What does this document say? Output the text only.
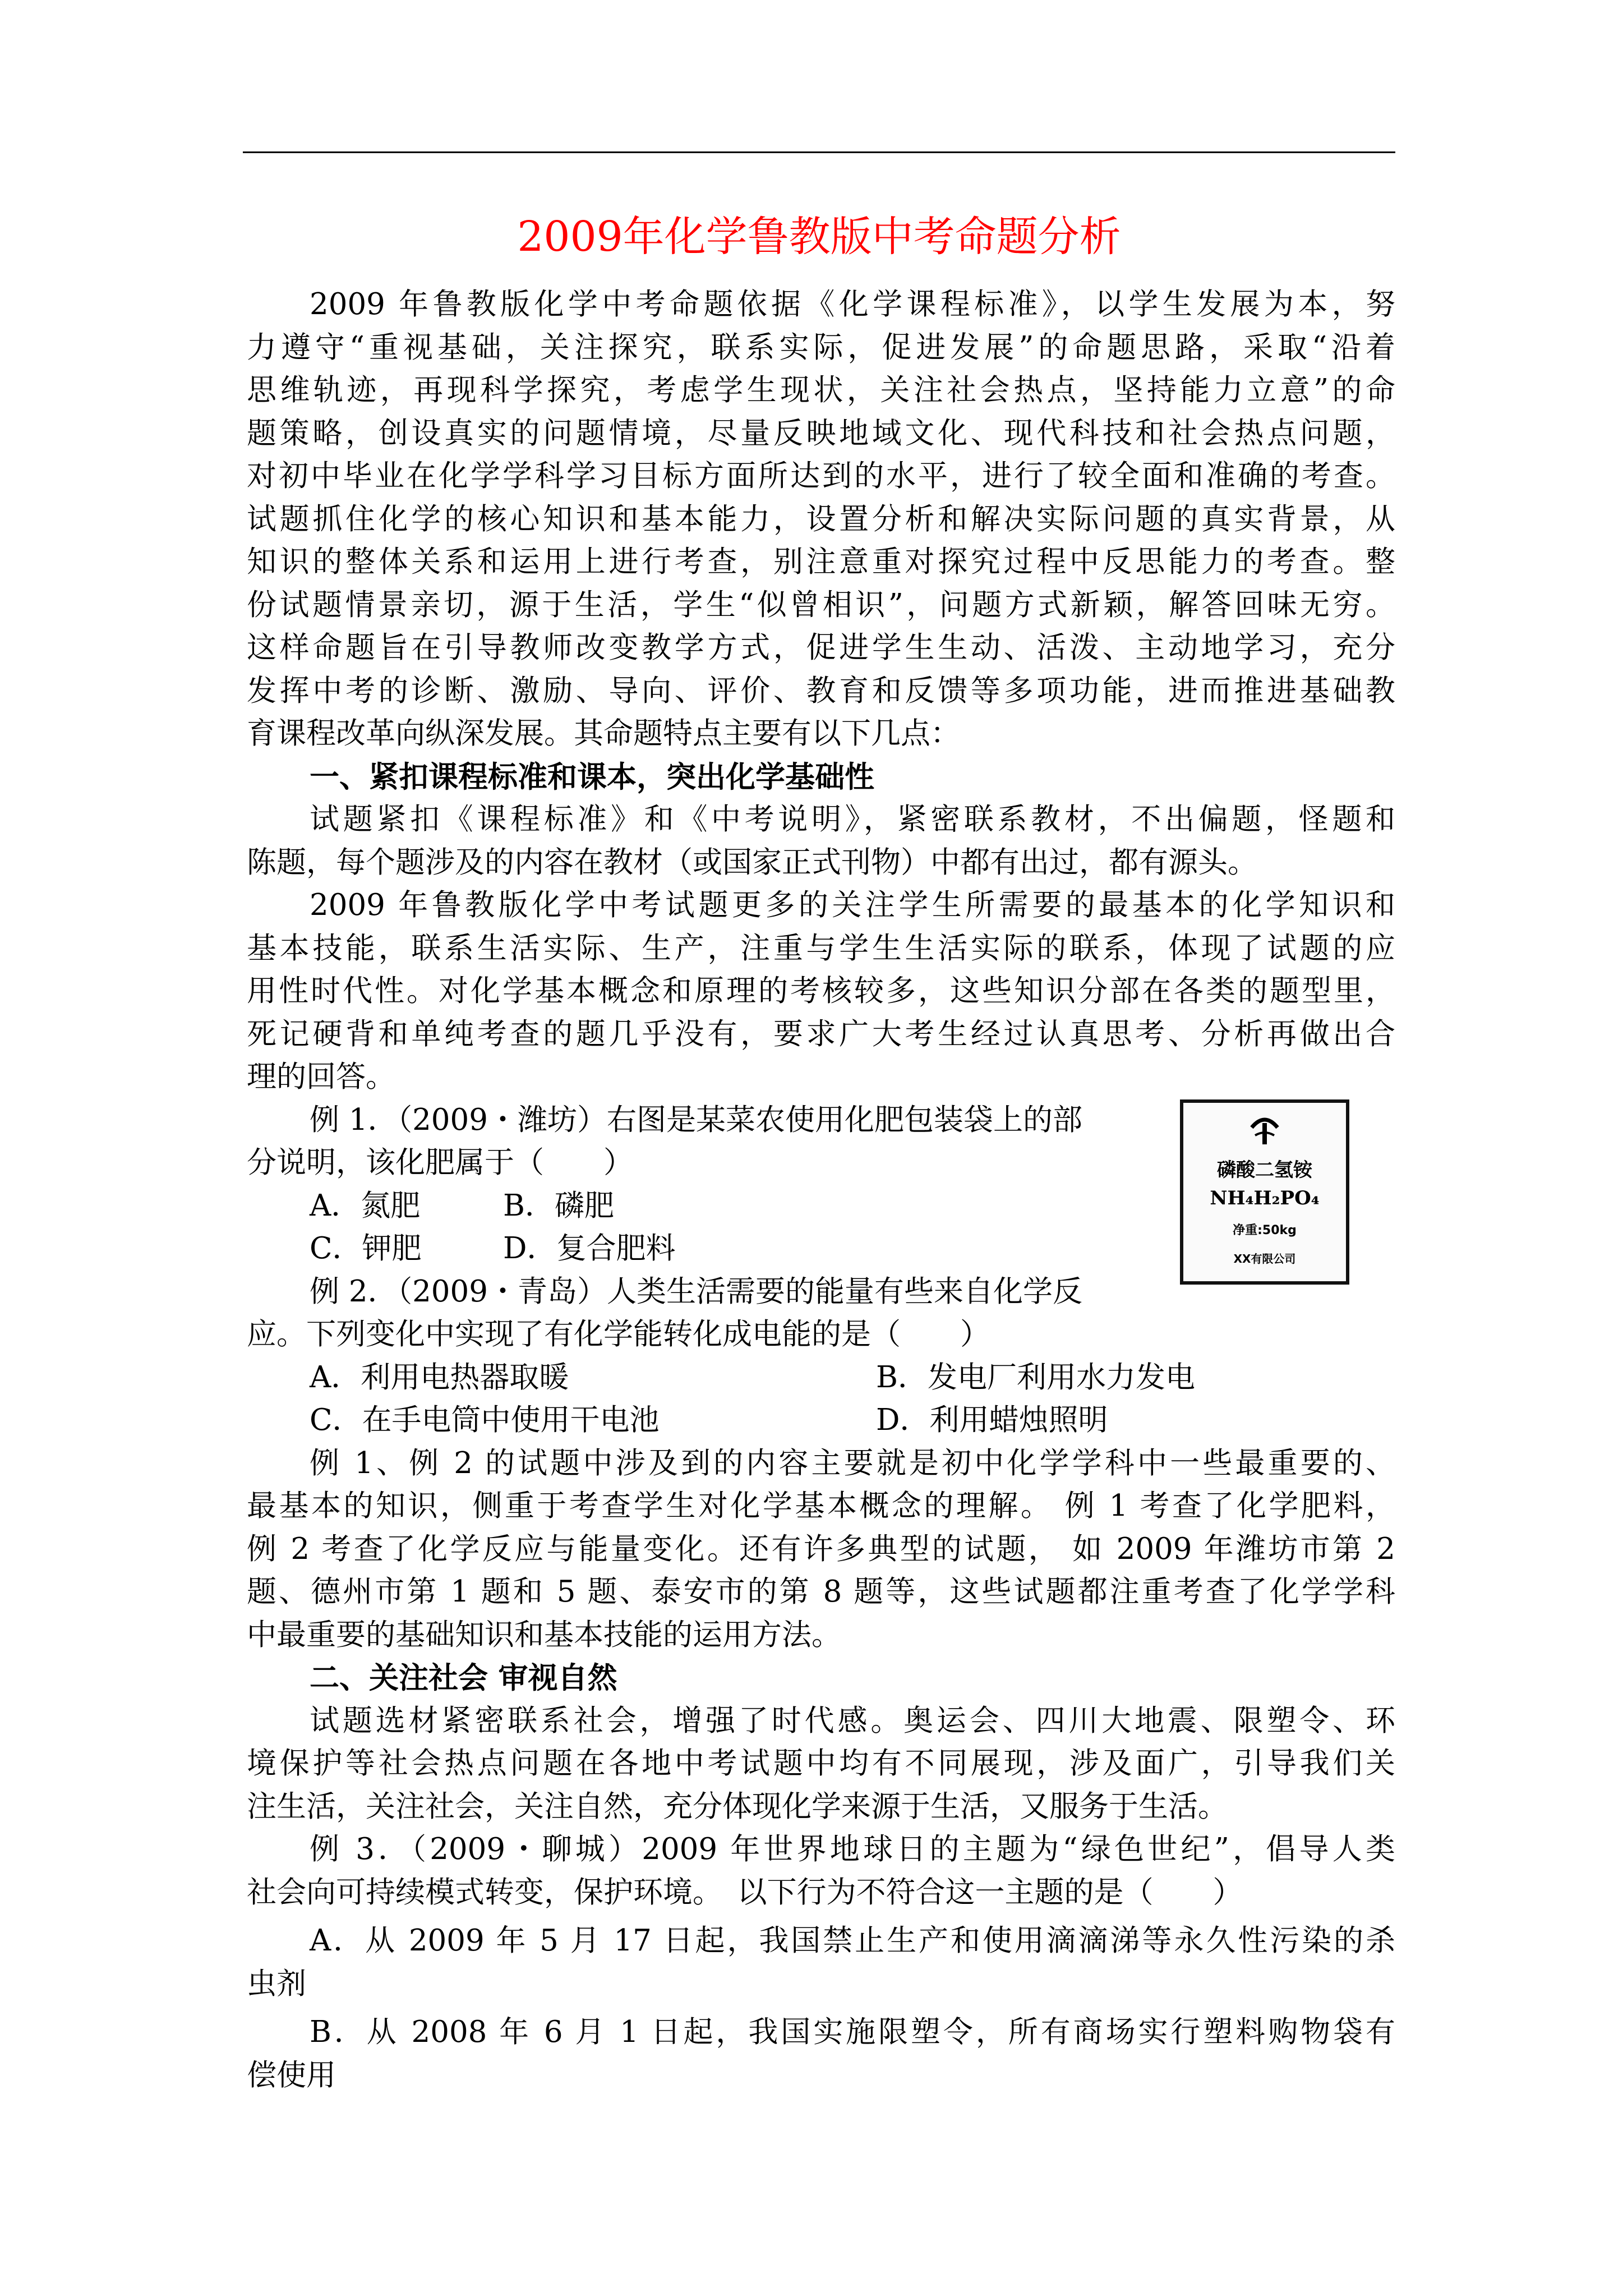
2009年化学鲁教版中考命题分析
2009 年鲁教版化学中考命题依据《化学课程标准》，以学生发展为本，努
力遵守“重视基础，关注探究，联系实际，促进发展”的命题思路，采取“沿着
思维轨迹，再现科学探究，考虑学生现状，关注社会热点，坚持能力立意”的命
题策略，创设真实的问题情境，尽量反映地域文化、现代科技和社会热点问题，
对初中毕业在化学学科学习目标方面所达到的水平，进行了较全面和准确的考查。
试题抓住化学的核心知识和基本能力，设置分析和解决实际问题的真实背景，从
知识的整体关系和运用上进行考查，别注意重对探究过程中反思能力的考查。整
份试题情景亲切，源于生活，学生“似曾相识”，问题方式新颖，解答回味无穷。
这样命题旨在引导教师改变教学方式，促进学生生动、活泼、主动地学习，充分
发挥中考的诊断、激励、导向、评价、教育和反馈等多项功能，进而推进基础教
育课程改革向纵深发展。其命题特点主要有以下几点：
一、紧扣课程标准和课本，突出化学基础性
试题紧扣《课程标准》和《中考说明》，紧密联系教材，不出偏题，怪题和
陈题，每个题涉及的内容在教材（或国家正式刊物）中都有出过，都有源头。
2009 年鲁教版化学中考试题更多的关注学生所需要的最基本的化学知识和
基本技能，联系生活实际、生产，注重与学生生活实际的联系，体现了试题的应
用性时代性。对化学基本概念和原理的考核较多，这些知识分部在各类的题型里，
死记硬背和单纯考查的题几乎没有，要求广大考生经过认真思考、分析再做出合
理的回答。
例 1．（2009・潍坊）右图是某菜农使用化肥包装袋上的部
分说明，该化肥属于（　　）
A．氮肥	B．磷肥
C．钾肥	D．复合肥料
例 2．（2009・青岛）人类生活需要的能量有些来自化学反
应。下列变化中实现了有化学能转化成电能的是（　　）
A．利用电热器取暖	B．发电厂利用水力发电
C．在手电筒中使用干电池	D．利用蜡烛照明
例 1、例 2 的试题中涉及到的内容主要就是初中化学学科中一些最重要的、
最基本的知识，侧重于考查学生对化学基本概念的理解。 例 1 考查了化学肥料，
例 2 考查了化学反应与能量变化。还有许多典型的试题， 如 2009 年潍坊市第 2
题、德州市第 1 题和 5 题、泰安市的第 8 题等，这些试题都注重考查了化学学科
中最重要的基础知识和基本技能的运用方法。
二、关注社会 审视自然
试题选材紧密联系社会，增强了时代感。奥运会、四川大地震、限塑令、环
境保护等社会热点问题在各地中考试题中均有不同展现，涉及面广，引导我们关
注生活，关注社会，关注自然，充分体现化学来源于生活，又服务于生活。
例 3．（2009・聊城）2009 年世界地球日的主题为“绿色世纪”，倡导人类
社会向可持续模式转变，保护环境。　以下行为不符合这一主题的是（　　）
A．从 2009 年 5 月 17 日起，我国禁止生产和使用滴滴涕等永久性污染的杀
虫剂
B．从 2008 年 6 月 1 日起，我国实施限塑令，所有商场实行塑料购物袋有
偿使用
磷酸二氢铵
NH₄H₂PO₄
净重:50kg
XX有限公司
